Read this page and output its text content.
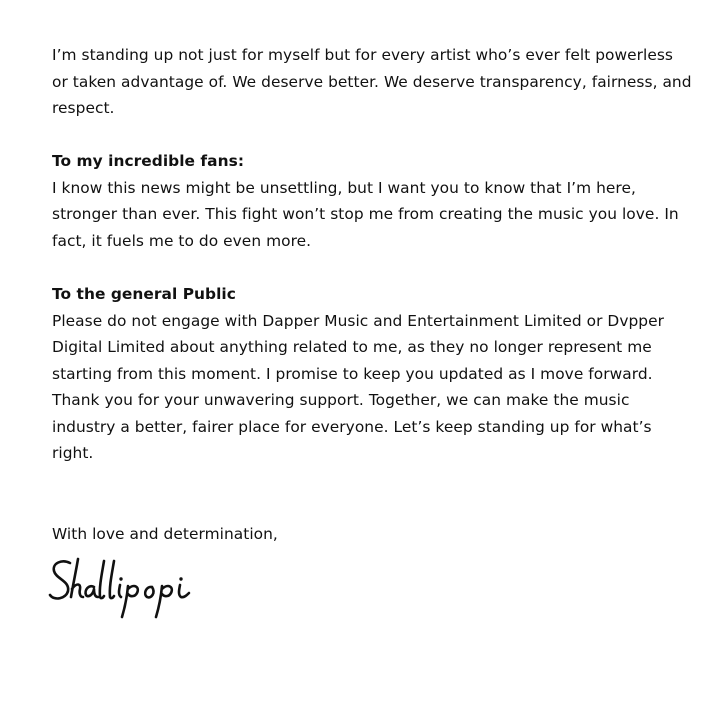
I’m standing up not just for myself but for every artist who’s ever felt powerless or taken advantage of. We deserve better. We deserve transparency, fairness, and respect.

To my incredible fans:

I know this news might be unsettling, but I want you to know that I’m here, stronger than ever. This fight won’t stop me from creating the music you love. In fact, it fuels me to do even more.

To the general Public

Please do not engage with Dapper Music and Entertainment Limited or Dvpper Digital Limited about anything related to me, as they no longer represent me starting from this moment. I promise to keep you updated as I move forward. Thank you for your unwavering support. Together, we can make the music industry a better, fairer place for everyone. Let’s keep standing up for what’s right.

With love and determination,
